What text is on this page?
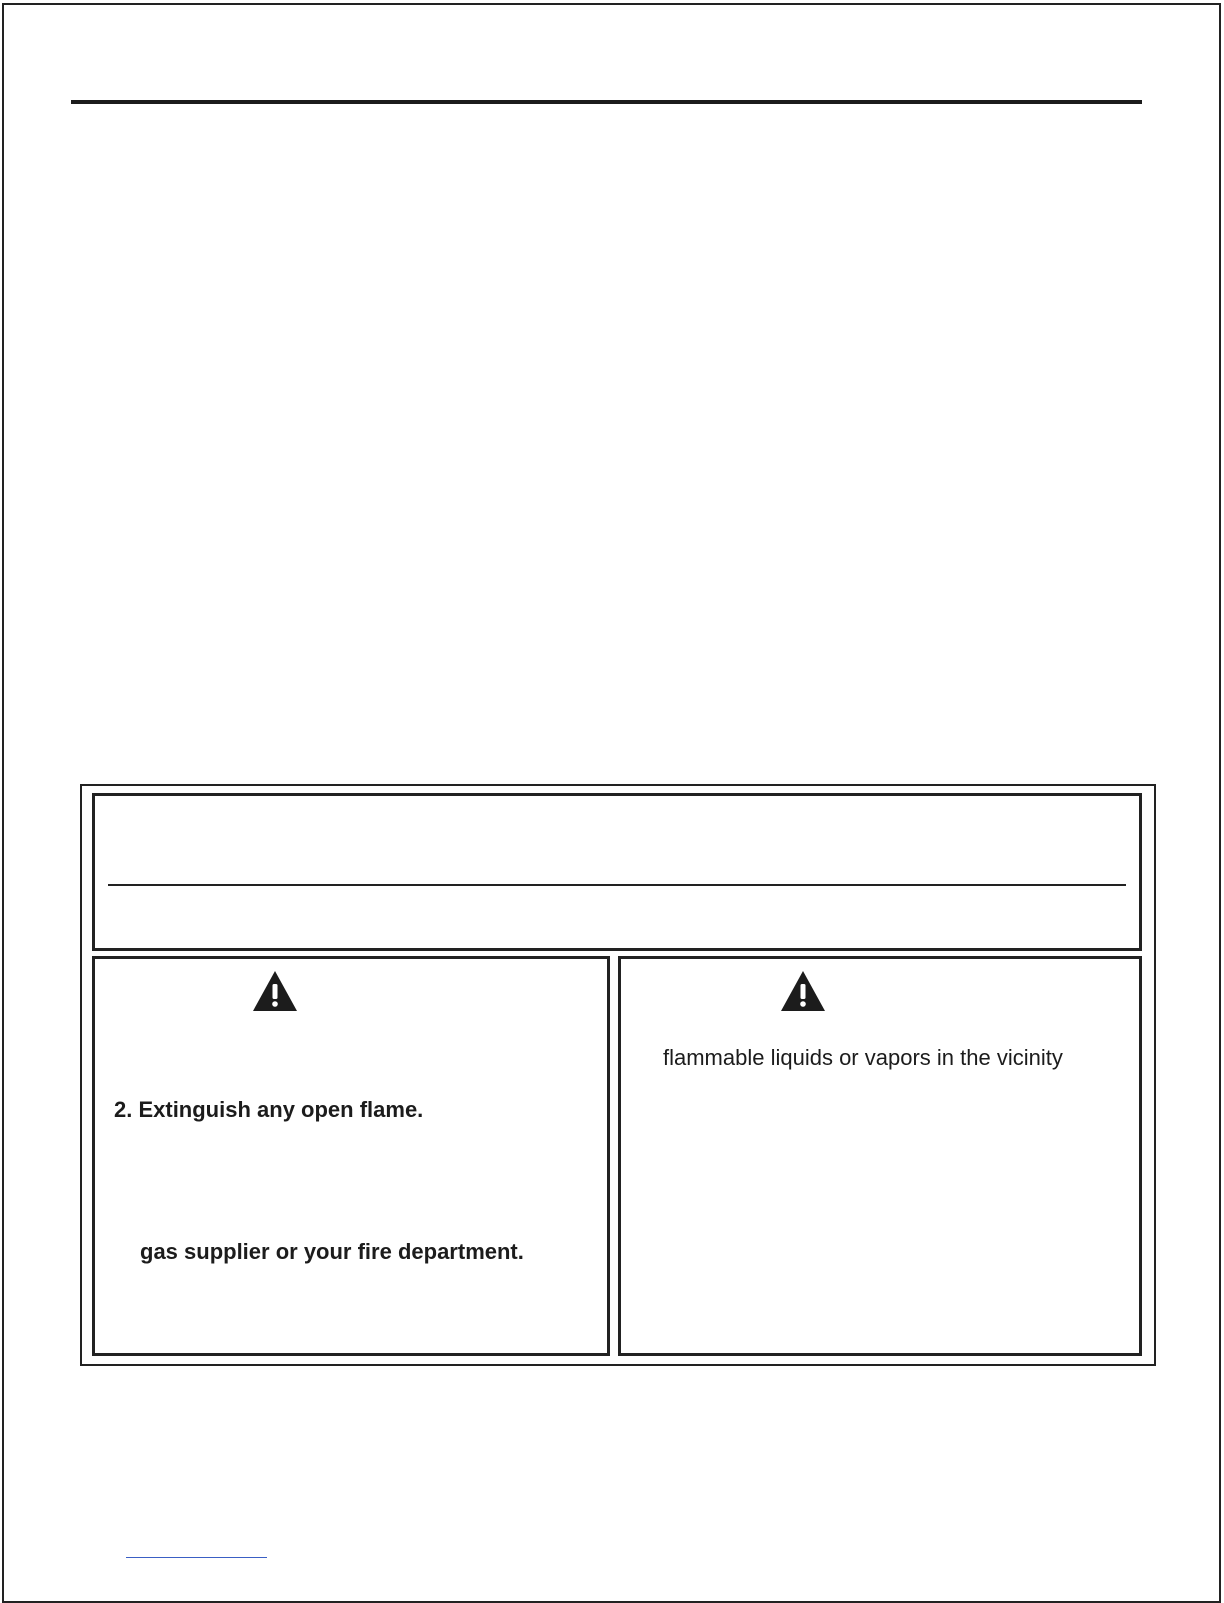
2. Extinguish any open flame.

gas supplier or your fire department.

flammable liquids or vapors in the vicinity
